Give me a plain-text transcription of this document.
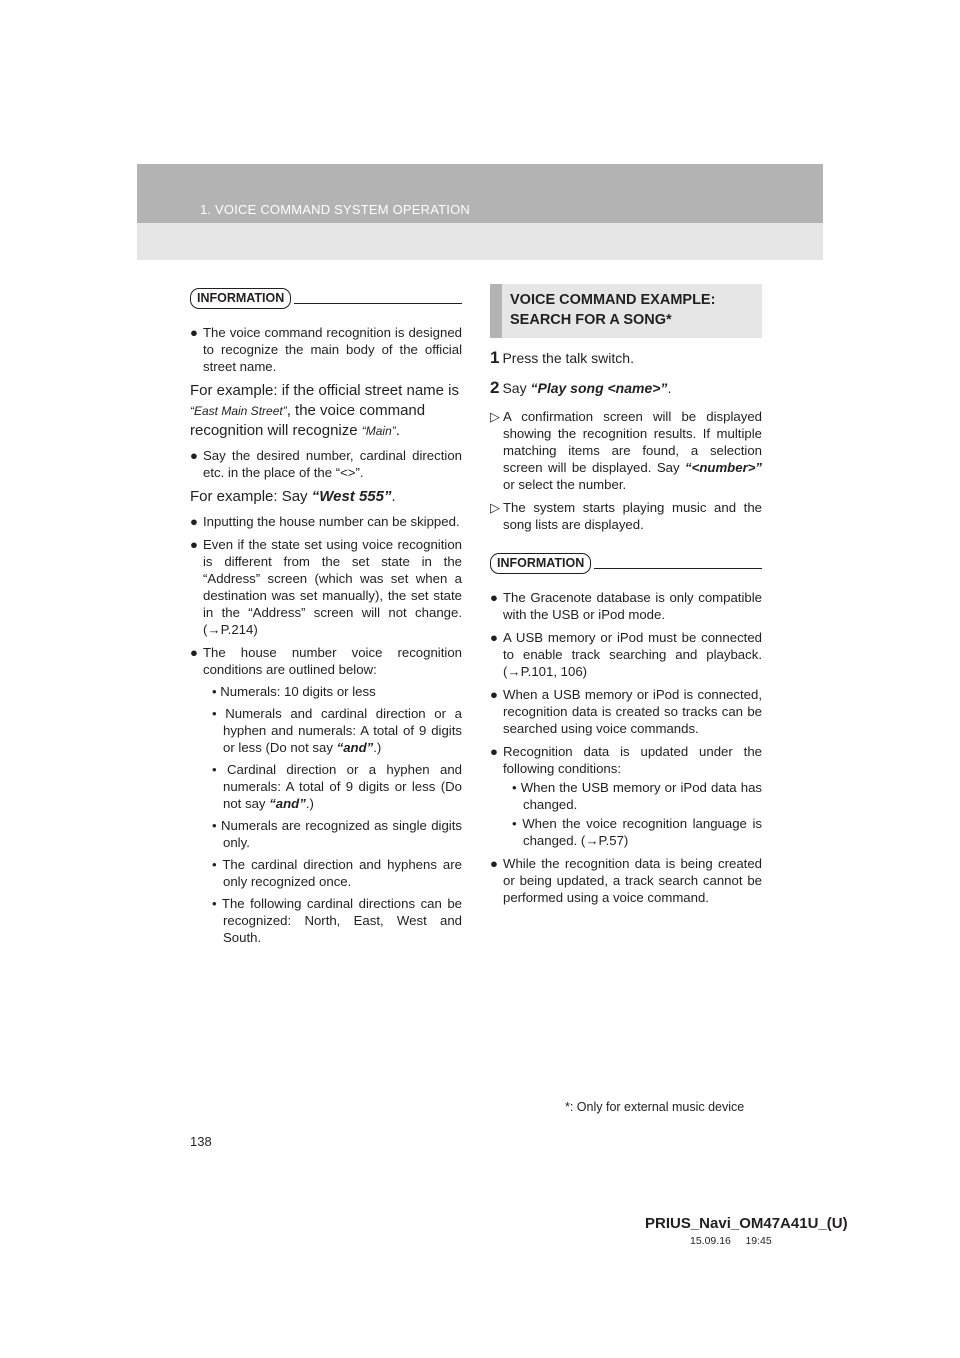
1. VOICE COMMAND SYSTEM OPERATION
INFORMATION
● The voice command recognition is designed to recognize the main body of the official street name.
For example: if the official street name is “East Main Street”, the voice command recognition will recognize “Main”.
● Say the desired number, cardinal direction etc. in the place of the “<>”.
For example: Say “West 555”.
● Inputting the house number can be skipped.
● Even if the state set using voice recognition is different from the set state in the “Address” screen (which was set when a destination was set manually), the set state in the “Address” screen will not change. (→P.214)
● The house number voice recognition conditions are outlined below:
• Numerals: 10 digits or less
• Numerals and cardinal direction or a hyphen and numerals: A total of 9 digits or less (Do not say “and”.)
• Cardinal direction or a hyphen and numerals: A total of 9 digits or less (Do not say “and”.)
• Numerals are recognized as single digits only.
• The cardinal direction and hyphens are only recognized once.
• The following cardinal directions can be recognized: North, East, West and South.
VOICE COMMAND EXAMPLE:
SEARCH FOR A SONG*
1 Press the talk switch.
2 Say “Play song <name>”.
▷ A confirmation screen will be displayed showing the recognition results. If multiple matching items are found, a selection screen will be displayed. Say “<number>” or select the number.
▷ The system starts playing music and the song lists are displayed.
INFORMATION
● The Gracenote database is only compatible with the USB or iPod mode.
● A USB memory or iPod must be connected to enable track searching and playback. (→P.101, 106)
● When a USB memory or iPod is connected, recognition data is created so tracks can be searched using voice commands.
● Recognition data is updated under the following conditions:
• When the USB memory or iPod data has changed.
• When the voice recognition language is changed. (→P.57)
● While the recognition data is being created or being updated, a track search cannot be performed using a voice command.
*: Only for external music device
138
PRIUS_Navi_OM47A41U_(U)
15.09.16     19:45
